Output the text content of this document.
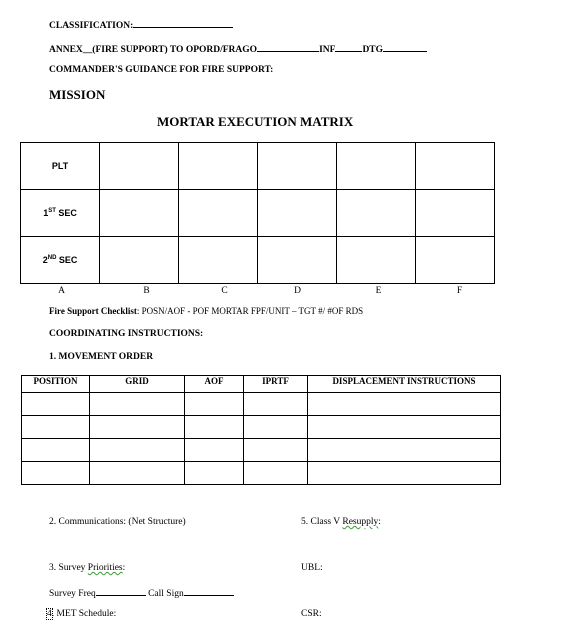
CLASSIFICATION:
ANNEX__(FIRE SUPPORT) TO OPORD/FRAGO	INF	DTG
COMMANDER'S GUIDANCE FOR FIRE SUPPORT:
MISSION
MORTAR EXECUTION MATRIX
PLT					
1ST SEC					
2ND SEC					
A	B	C	D	E	F
Fire Support Checklist: POSN/AOF - POF MORTAR FPF/UNIT – TGT #/ #OF RDS
COORDINATING INSTRUCTIONS:
1. MOVEMENT ORDER
POSITION	GRID	AOF	IPRTF	DISPLACEMENT INSTRUCTIONS

2. Communications: (Net Structure)	5. Class V Resupply:
3. Survey Priorities:	UBL:
Survey Freq	Call Sign
4. MET Schedule:	CSR:
